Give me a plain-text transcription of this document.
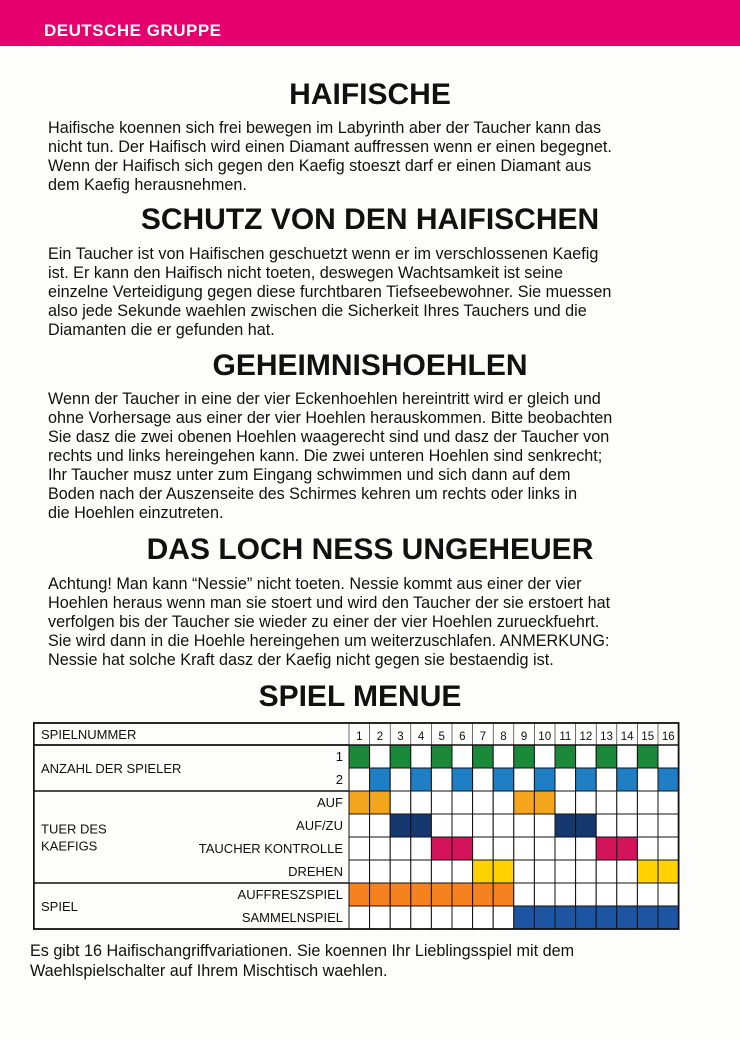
DEUTSCHE GRUPPE
HAIFISCHE

Haifische koennen sich frei bewegen im Labyrinth aber der Taucher kann das
nicht tun. Der Haifisch wird einen Diamant auffressen wenn er einen begegnet.
Wenn der Haifisch sich gegen den Kaefig stoeszt darf er einen Diamant aus
dem Kaefig herausnehmen.

SCHUTZ VON DEN HAIFISCHEN

Ein Taucher ist von Haifischen geschuetzt wenn er im verschlossenen Kaefig
ist. Er kann den Haifisch nicht toeten, deswegen Wachtsamkeit ist seine
einzelne Verteidigung gegen diese furchtbaren Tiefseebewohner. Sie muessen
also jede Sekunde waehlen zwischen die Sicherkeit Ihres Tauchers und die
Diamanten die er gefunden hat.

GEHEIMNISHOEHLEN

Wenn der Taucher in eine der vier Eckenhoehlen hereintritt wird er gleich und
ohne Vorhersage aus einer der vier Hoehlen herauskommen. Bitte beobachten
Sie dasz die zwei obenen Hoehlen waagerecht sind und dasz der Taucher von
rechts und links hereingehen kann. Die zwei unteren Hoehlen sind senkrecht;
Ihr Taucher musz unter zum Eingang schwimmen und sich dann auf dem
Boden nach der Auszenseite des Schirmes kehren um rechts oder links in
die Hoehlen einzutreten.

DAS LOCH NESS UNGEHEUER

Achtung! Man kann “Nessie” nicht toeten. Nessie kommt aus einer der vier
Hoehlen heraus wenn man sie stoert und wird den Taucher der sie erstoert hat
verfolgen bis der Taucher sie wieder zu einer der vier Hoehlen zurueckfuehrt.
Sie wird dann in die Hoehle hereingehen um weiterzuschlafen. ANMERKUNG:
Nessie hat solche Kraft dasz der Kaefig nicht gegen sie bestaendig ist.

SPIEL MENUE
SPIELNUMMER	1 2 3 4 5 6 7 8 9 10 11 12 13 14 15 16
1
2
ANZAHL DER SPIELER
AUF
AUF/ZU
TAUCHER KONTROLLE
DREHEN
TUER DES
KAEFIGS
AUFFRESZSPIEL
SAMMELNSPIEL
SPIEL

Es gibt 16 Haifischangriffvariationen. Sie koennen Ihr Lieblingsspiel mit dem
Waehlspielschalter auf Ihrem Mischtisch waehlen.
